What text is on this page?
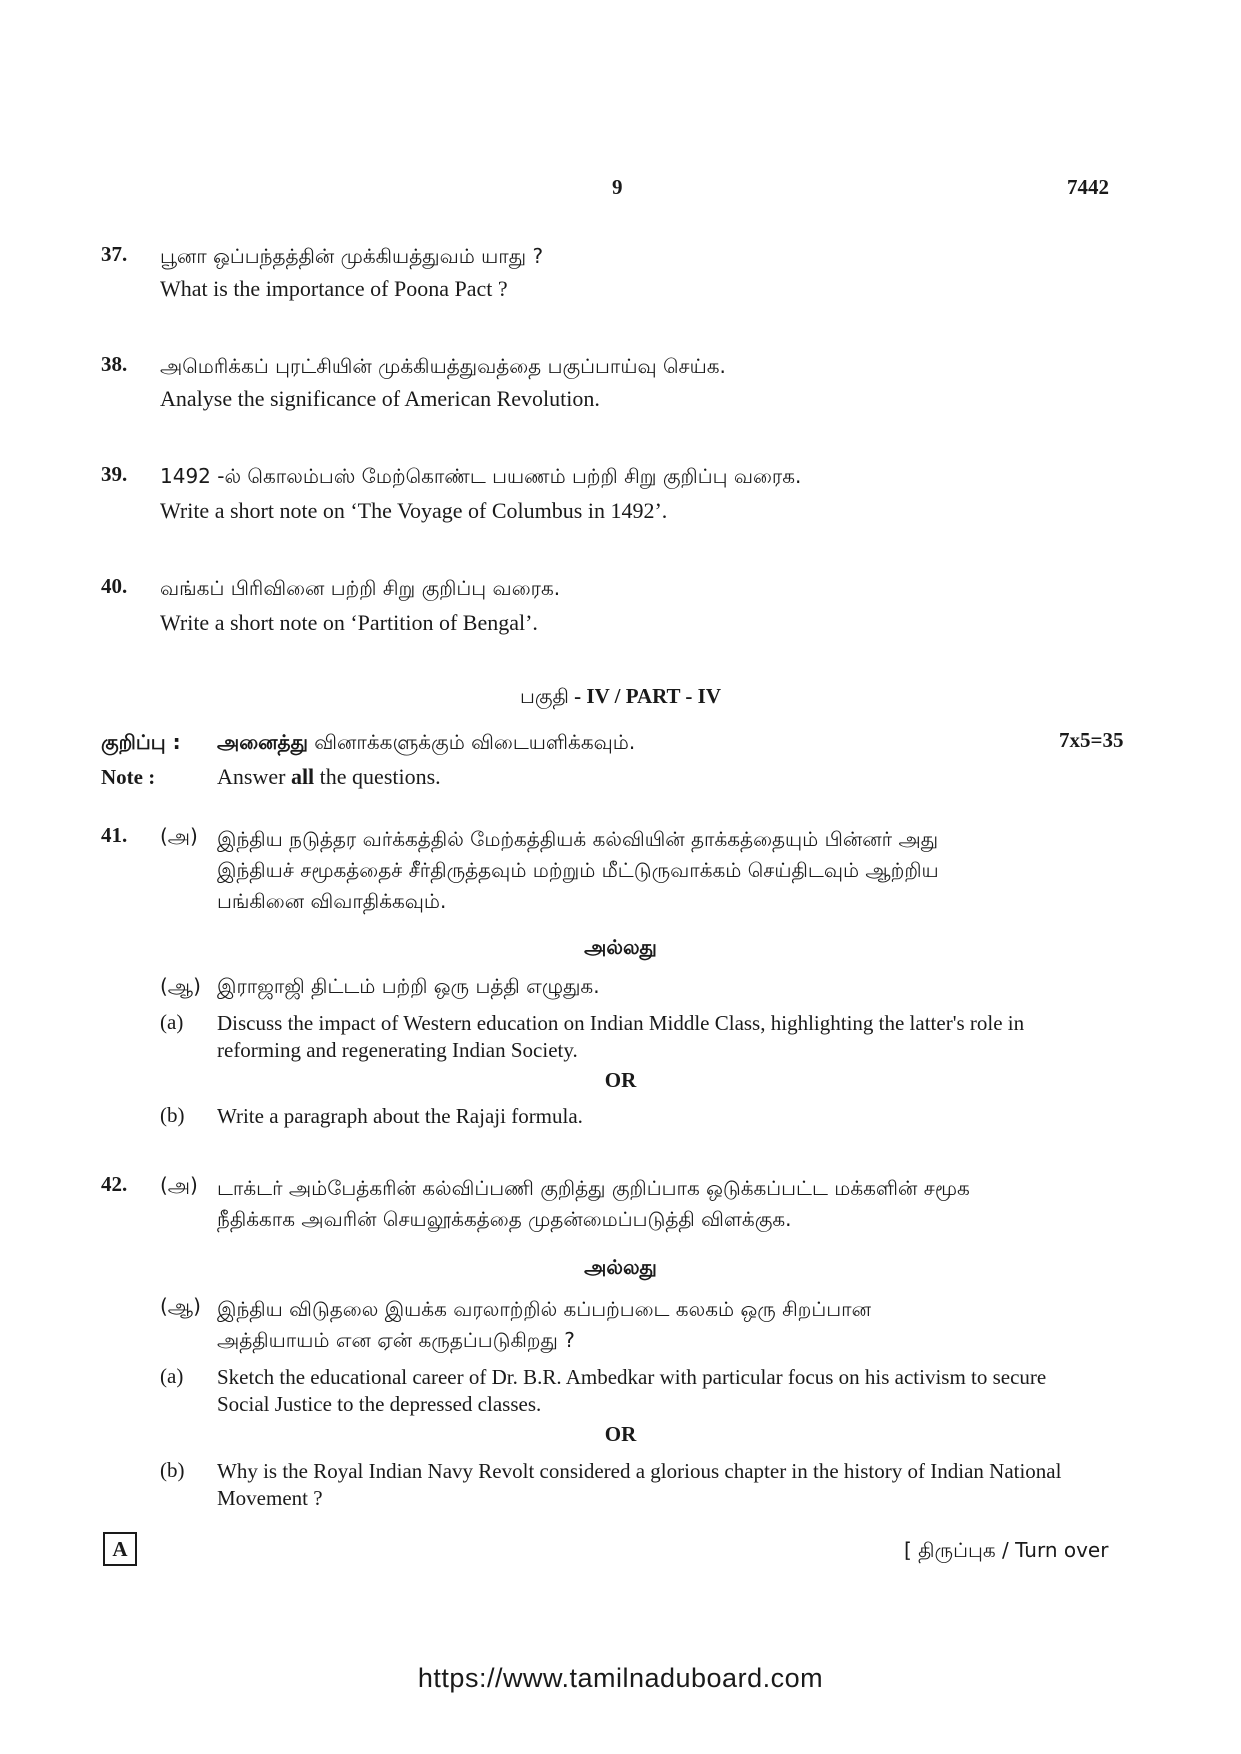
9	7442
37. பூனா ஒப்பந்தத்தின் முக்கியத்துவம் யாது ?
What is the importance of Poona Pact ?
38. அமெரிக்கப் புரட்சியின் முக்கியத்துவத்தை பகுப்பாய்வு செய்க.
Analyse the significance of American Revolution.
39. 1492 -ல் கொலம்பஸ் மேற்கொண்ட பயணம் பற்றி சிறு குறிப்பு வரைக.
Write a short note on ‘The Voyage of Columbus in 1492’.
40. வங்கப் பிரிவினை பற்றி சிறு குறிப்பு வரைக.
Write a short note on ‘Partition of Bengal’.
பகுதி - IV / PART - IV
குறிப்பு : அனைத்து வினாக்களுக்கும் விடையளிக்கவும்.	7x5=35
Note :	Answer all the questions.
41. (அ) இந்திய நடுத்தர வர்க்கத்தில் மேற்கத்தியக் கல்வியின் தாக்கத்தையும் பின்னர் அது
இந்தியச் சமூகத்தைச் சீர்திருத்தவும் மற்றும் மீட்டுருவாக்கம் செய்திடவும் ஆற்றிய
பங்கினை விவாதிக்கவும்.
அல்லது
(ஆ) இராஜாஜி திட்டம் பற்றி ஒரு பத்தி எழுதுக.
(a) Discuss the impact of Western education on Indian Middle Class, highlighting the latter's role in reforming and regenerating Indian Society.
OR
(b) Write a paragraph about the Rajaji formula.
42. (அ) டாக்டர் அம்பேத்கரின் கல்விப்பணி குறித்து குறிப்பாக ஒடுக்கப்பட்ட மக்களின் சமூக
நீதிக்காக அவரின் செயலூக்கத்தை முதன்மைப்படுத்தி விளக்குக.
அல்லது
(ஆ) இந்திய விடுதலை இயக்க வரலாற்றில் கப்பற்படை கலகம் ஒரு சிறப்பான
அத்தியாயம் என ஏன் கருதப்படுகிறது ?
(a) Sketch the educational career of Dr. B.R. Ambedkar with particular focus on his activism to secure Social Justice to the depressed classes.
OR
(b) Why is the Royal Indian Navy Revolt considered a glorious chapter in the history of Indian National Movement ?
A	[ திருப்புக / Turn over
https://www.tamilnaduboard.com
